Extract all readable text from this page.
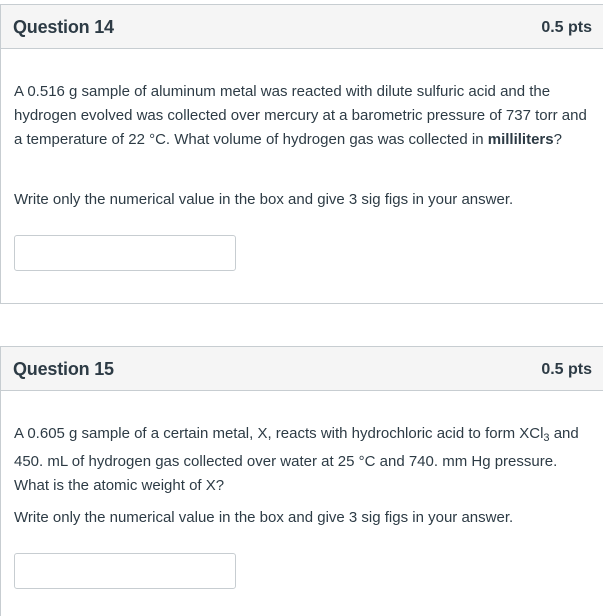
Question 14	0.5 pts

A 0.516 g sample of aluminum metal was reacted with dilute sulfuric acid and the hydrogen evolved was collected over mercury at a barometric pressure of 737 torr and a temperature of 22 °C. What volume of hydrogen gas was collected in milliliters?

Write only the numerical value in the box and give 3 sig figs in your answer.

Question 15	0.5 pts

A 0.605 g sample of a certain metal, X, reacts with hydrochloric acid to form XCl$_3$ and 450. mL of hydrogen gas collected over water at 25 °C and 740. mm Hg pressure. What is the atomic weight of X?

Write only the numerical value in the box and give 3 sig figs in your answer.
